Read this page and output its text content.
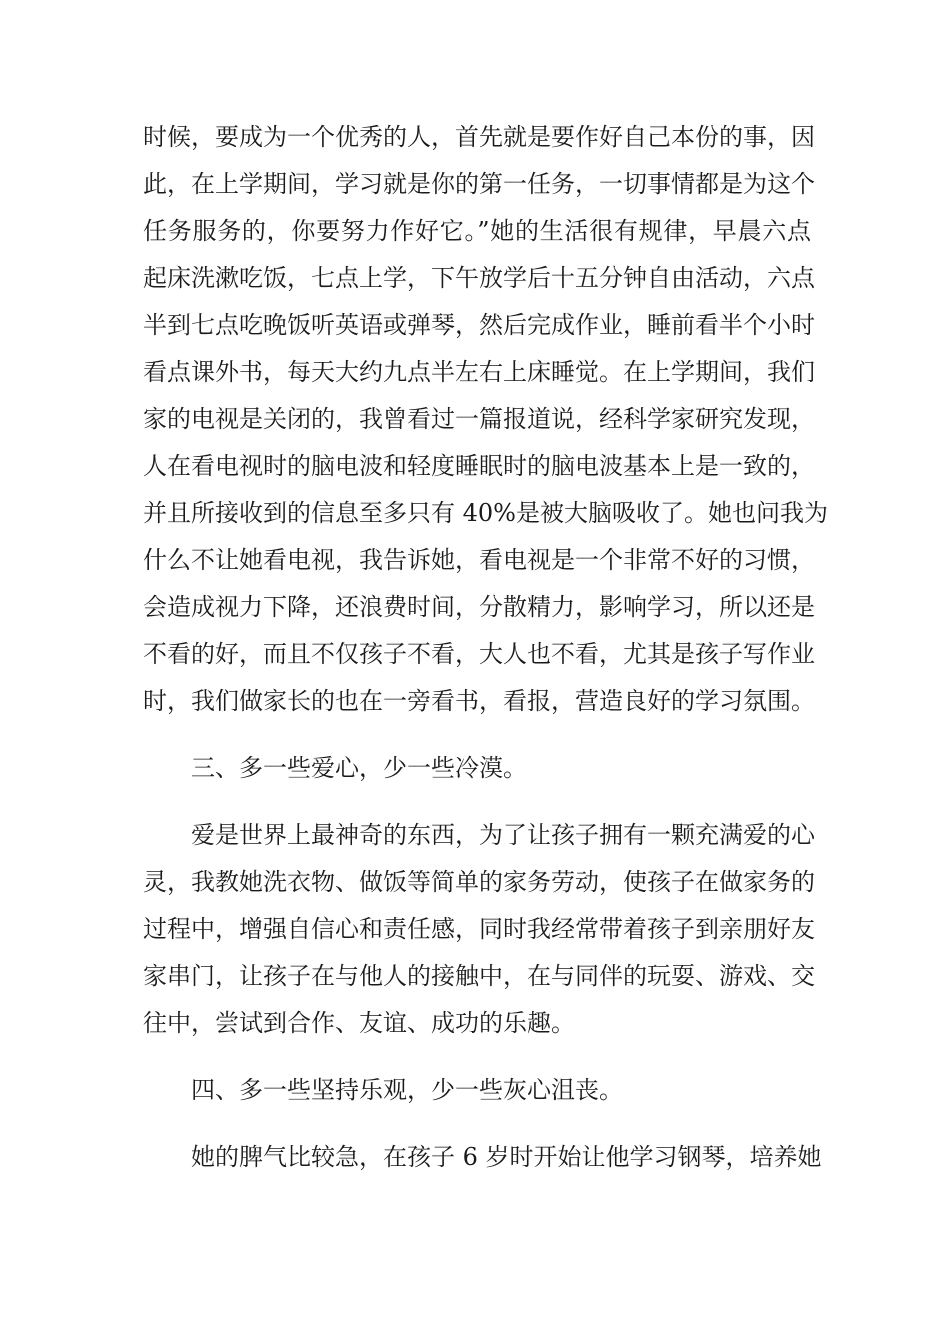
时候，要成为一个优秀的人，首先就是要作好自己本份的事，因
此，在上学期间，学习就是你的第一任务，一切事情都是为这个
任务服务的，你要努力作好它。”她的生活很有规律，早晨六点
起床洗漱吃饭，七点上学，下午放学后十五分钟自由活动，六点
半到七点吃晚饭听英语或弹琴，然后完成作业，睡前看半个小时
看点课外书，每天大约九点半左右上床睡觉。在上学期间，我们
家的电视是关闭的，我曾看过一篇报道说，经科学家研究发现，
人在看电视时的脑电波和轻度睡眠时的脑电波基本上是一致的，
并且所接收到的信息至多只有 40%是被大脑吸收了。她也问我为
什么不让她看电视，我告诉她，看电视是一个非常不好的习惯，
会造成视力下降，还浪费时间，分散精力，影响学习，所以还是
不看的好，而且不仅孩子不看，大人也不看，尤其是孩子写作业
时，我们做家长的也在一旁看书，看报，营造良好的学习氛围。
三、多一些爱心，少一些冷漠。
爱是世界上最神奇的东西，为了让孩子拥有一颗充满爱的心
灵，我教她洗衣物、做饭等简单的家务劳动，使孩子在做家务的
过程中，增强自信心和责任感，同时我经常带着孩子到亲朋好友
家串门，让孩子在与他人的接触中，在与同伴的玩耍、游戏、交
往中，尝试到合作、友谊、成功的乐趣。
四、多一些坚持乐观，少一些灰心沮丧。
她的脾气比较急，在孩子 6 岁时开始让他学习钢琴，培养她
